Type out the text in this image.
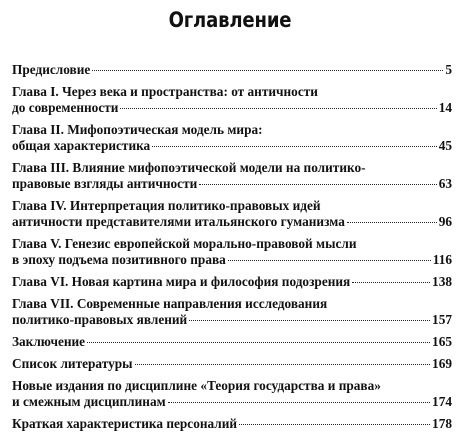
Оглавление
Предисловие	5
Глава I. Через века и пространства: от античности
до современности	14
Глава II. Мифопоэтическая модель мира:
общая характеристика	45
Глава III. Влияние мифопоэтической модели на политико-
правовые взгляды античности	63
Глава IV. Интерпретация политико-правовых идей
античности представителями итальянского гуманизма	96
Глава V. Генезис европейской морально-правовой мысли
в эпоху подъема позитивного права	116
Глава VI. Новая картина мира и философия подозрения	138
Глава VII. Современные направления исследования
политико-правовых явлений	157
Заключение	165
Список литературы	169
Новые издания по дисциплине «Теория государства и права»
и смежным дисциплинам	174
Краткая характеристика персоналий	178
